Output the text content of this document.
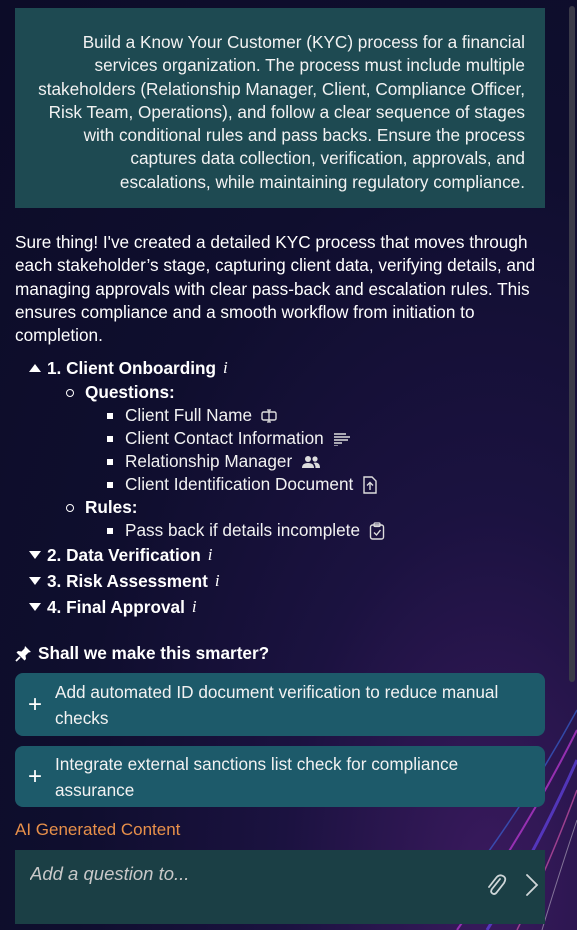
Build a Know Your Customer (KYC) process for a financial services organization. The process must include multiple stakeholders (Relationship Manager, Client, Compliance Officer, Risk Team, Operations), and follow a clear sequence of stages with conditional rules and pass backs. Ensure the process captures data collection, verification, approvals, and escalations, while maintaining regulatory compliance.

Sure thing! I've created a detailed KYC process that moves through each stakeholder’s stage, capturing client data, verifying details, and managing approvals with clear pass-back and escalation rules. This ensures compliance and a smooth workflow from initiation to completion.

1. Client Onboarding i
Questions:
Client Full Name
Client Contact Information
Relationship Manager
Client Identification Document
Rules:
Pass back if details incomplete
2. Data Verification i
3. Risk Assessment i
4. Final Approval i
Shall we make this smarter?
+ Add automated ID document verification to reduce manual checks
+ Integrate external sanctions list check for compliance assurance
AI Generated Content
Add a question to...
